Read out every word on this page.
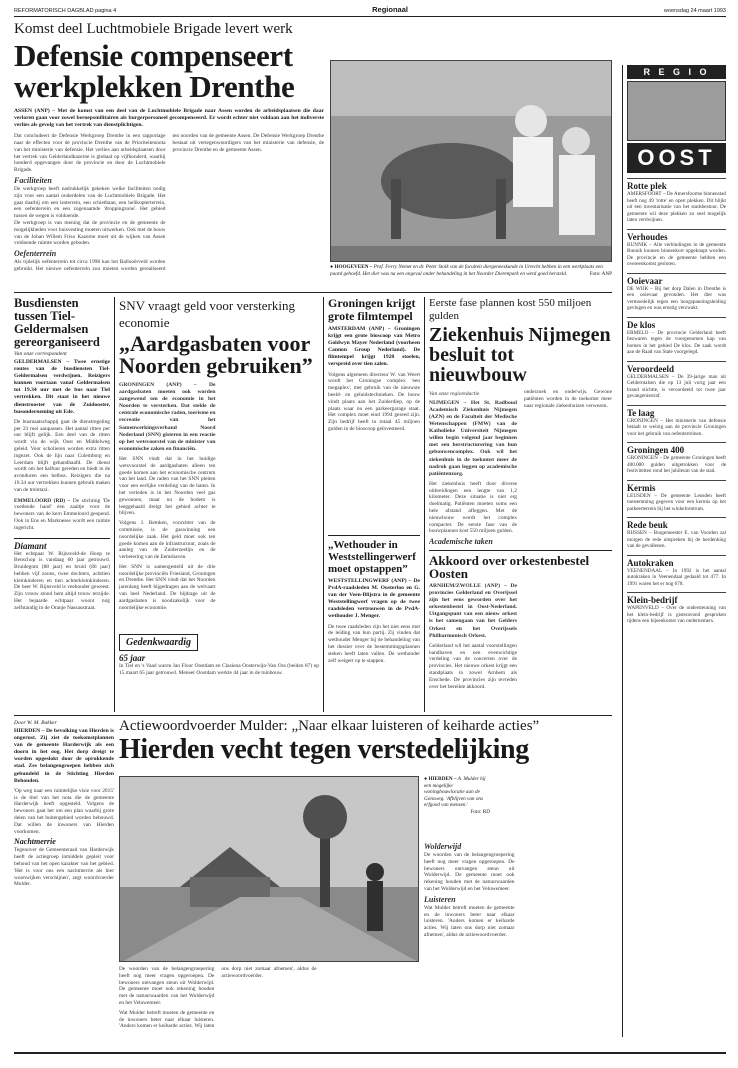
REFORMATORISCH DAGBLAD pagina 4	Regionaal	woensdag 24 maart 1993
Komst deel Luchtmobiele Brigade levert werk
Defensie compenseert werkplekken Drenthe
ASSEN (ANP) – Met de komst van een deel van de Luchtmobiele Brigade naar Assen worden de arbeidsplaatsen die daar verloren gaan voor zowel beroepsmilitairen als burgerpersoneel gecompenseerd. Er wordt echter niet voldaan aan het indiverste verlies als gevolg van het vertrek van dienstplichtigen.

Dat concludeert de Defensie Werkgroep Drenthe in een rapportage naar de effecten voor de provincie Drenthe van de Prioriteitennota van het ministerie van defensie. Het verlies aan arbeidsplaatsen door het vertrek van Gelderlandkazerne is globaal op vijfhonderd, waarbij honderd opgevangen door de provincie en door de Luchtmobiele Brigade.

Faciliteiten

De werkgroep heeft nadrukkelijk gekeken welke faciliteiten nodig zijn voor een aantal onderdelen van de Luchtmobiele Brigade. Het gaat daarbij om een lesterrein, een schietbaan, een helikopterterrein, een oefenterrein en een zogenaamde 'droppingzone'. Het gebied tussen de wegen is voldoende.

De werkgroep is van mening dat de provincie en de gemeente de mogelijkheden voor huisvesting moeten uitwerken. Ook met de bouw van de Johan Willem Friso Kazerne moet uit de wijken van Assen voldoende ruimte worden geboden.

Oefenterrein

Als tijdelijk oefenterrein tot circa 1998 kan het Ballooërveld worden gebruikt. Het nieuwe oefenterrein zou moeten worden gerealiseerd ten noorden van de gemeente Assen. De Defensie Werkgroep Drenthe bestaat uit vertegenwoordigers van het ministerie van defensie, de provincie Drenthe en de gemeente Assen.

● HOOGEVEEN – Prof. Ferry Nemet en dr. Peter Stolk van de faculteit diergeneeskunde in Utrecht hebben in een werkplaats een paard gehoefd. Het dier was na een ongeval onder behandeling in het Noorder Dierenpark en werd goed hersteld.	Foto: ANP
Busdiensten tussen Tiel-Geldermalsen gereorganiseerd
Van onze correspondent
GELDERMALSEN – Twee ernstige routes van de busdiensten Tiel-Geldermalsen verdwijnen. Reizigers kunnen voortaan vanaf Geldermalsen tot 19.34 uur met de bus naar Tiel vertrekken. Dit staat in het nieuwe dienstrooster van de Zuidooster, busonderneming uit Ede.

De busmaatschappij gaat de dienstregeling per 23 mei aanpassen. Het aantal ritten per uur blijft gelijk. Een deel van de ritten wordt via de wijk Oost en Middelweg geleid. Voor scholieren worden extra ritten ingezet. Ook de lijn naar Culemborg en Leerdam blijft gehandhaafd. De dienst wordt om het halfuur gereden en biedt in de avonduren een belbus. Reizigers die na 19.34 uur vertrekken kunnen gebruik maken van de treintaxi.

EMMELOORD (RD) – De stichting 'De voedende hand' een zaaltje voor de bewoners van de kern Emmeloord geopend. Ook in Ens en Marknesse wordt een ruimte ingericht.

Diamant

Het echtpaar W. Rijnsveld-de Hoop te Benschop is vandaag 60 jaar getrouwd. Bruidegom (88 jaar) en bruid (86 jaar) hebben vijf zoons, twee dochters, achttien kleinkinderen en tien achterkleinkinderen. De heer W. Rijnsveld is veehouder geweest. Zijn vrouw stond hem altijd trouw terzijde. Het bejaarde echtpaar woont nog zelfstandig in de Oranje Nassaustraat.

SNV vraagt geld voor versterking economie
„Aardgasbaten voor Noorden gebruiken”

GRONINGEN (ANP) – De aardgasbaten moeten ook worden aangewend om de economie in het Noorden te versterken. Dat stelde de centrale economische raden, toerisme en recreatie van het Samenwerkingsverband Noord Nederland (SNN) gisteren in een reactie op het wetsvoorstel van de minister van economische zaken en financiën.

Het SNN vindt dat in het huidige wetsvoorstel de aardgasbaten alleen ten goede komen aan het economische centrum van het land. De raden van het SNN pleiten voor een eerlijke verdeling van de baten. In het verleden is in het Noorden veel gas gewonnen, maar nu de bodem is leeggehaald dreigt het gebied achter te blijven.

Volgens J. Bemken, voorzitter van de commissie, is de gaswinning een noordelijke zaak. Het geld moet ook ten goede komen aan de infrastructuur, zoals de aanleg van de Zuiderzeelijn en de verbetering van de Eemshaven.

Het SNN is samengesteld uit de drie noordelijke provinciën Friesland, Groningen en Drenthe. Het SNN vindt dat het Noorden jarenlang heeft bijgedragen aan de welvaart van heel Nederland. De bijdrage uit de aardgasbaten is noodzakelijk voor de noordelijke economie.

Gedenkwaardig
65 jaar

In Tiel en 's Vaad waren Jan Floor Oostdam en Clasiena Oosterwijn-Van Oss (beiden 87) op 15 maart 65 jaar getrouwd. Meneer Oostdam werkte 44 jaar in de tuinbouw.

Groningen krijgt grote filmtempel

AMSTERDAM (ANP) – Groningen krijgt een grote bioscoop van Metro Goldwyn Mayer Nederland (voorheen Cannon Group Nederland). De filmtempel krijgt 1920 stoelen, verspreid over tien zalen.

Volgens algemeen directeur W. van Weert wordt het Groningse complex 'een megaplex', met gebruik van de nieuwste beeld- en geluidstechnieken. De bouw vindt plaats aan het Zuiderdiep, op de plaats waar nu een parkeergarage staat. Het complex moet eind 1994 gereed zijn. Zijn bedrijf heeft in totaal 45 miljoen gulden in de bioscoop geïnvesteerd.

„Wethouder in Weststellingerwerf moet opstappen”

WESTSTELLINGWERF (ANP) – De PvdA-raadsleden M. Oosterloo en G. van der Veen-Blijstra in de gemeente Weststellingwerf vragen op de twee raadsleden vertrouwen in de PvdA-wethouder J. Menger.

De twee raadsleden zijn het niet eens met de leiding van hun partij. Zij vinden dat wethouder Menger bij de behandeling van het dossier over de bestemmingsplannen steken heeft laten vallen. De wethouder zelf weigert op te stappen.

Eerste fase plannen kost 550 miljoen gulden
Ziekenhuis Nijmegen besluit tot nieuwbouw
Van onze regioredactie

NIJMEGEN – Het St. Radboud Academisch Ziekenhuis Nijmegen (AZN) en de Faculteit der Medische Wetenschappen (FMW) van de Katholieke Universiteit Nijmegen willen begin volgend jaar beginnen met een herstructurering van hun gebouwencomplex. Ook wil het ziekenhuis in de toekomst meer de nadruk gaan leggen op academische patiëntenzorg.

Het ziekenhuis heeft door diverse uitbreidingen een lengte van 1,2 kilometer. Deze situatie is niet erg doelmatig. Patiënten moeten soms een hele afstand afleggen. Met de nieuwbouw wordt het complex compacter. De eerste fase van de bouwplannen kost 550 miljoen gulden.

Academische taken

onderzoek en onderwijs. Gewone patiënten worden in de toekomst meer naar regionale ziekenhuizen verwezen.

Akkoord over orkestenbestel Oosten

ARNHEM/ZWOLLE (ANP) – De provincies Gelderland en Overijssel zijn het eens geworden over het orkestenbestel in Oost-Nederland. Uitgangspunt van een nieuw orkest is het samengaan van het Gelders Orkest en het Overijssels Philharmonisch Orkest.

Gelderland wil het aantal voorstellingen handhaven en een evenwichtige verdeling van de concerten over de provincies. Het nieuwe orkest krijgt een standplaats in zowel Arnhem als Enschede. De provincies zijn tevreden over het bereikte akkoord.

Actiewoordvoerder Mulder: „Naar elkaar luisteren of keiharde acties”
Hierden vecht tegen verstedelijking
Door W. M. Bakker

HIERDEN – De bevolking van Hierden is ongerust. Zij ziet de toekomstplannen van de gemeente Harderwijk als een doorn in het oog. Het dorp dreigt te worden opgeslokt door de oprukkende stad. Zes belangengroepen hebben zich gebundeld in de Stichting Hierden Behouden.

'Op weg naar een ruimtelijke visie voor 2015' is de titel van het nota die de gemeente Harderwijk heeft opgesteld. Volgens de bewoners gaat het om een plan waarbij grote delen van het buitengebied worden bebouwd. Dat willen de inwoners van Hierden voorkomen.

Nachtmerrie

Tegenover de Gemeenteraad van Harderwijk heeft de actiegroep inmiddels gepleit voor behoud van het open karakter van het gebied. 'Het is voor ons een nachtmerrie als hier woonwijken verschijnen', zegt woordvoerder Mulder.

● HIERDEN – A. Mulder bij een mogelijke woningbouwlocatie aan de Gonsweg. 'Afblijven van ons erfgoed van mensen.'
Foto: RD

De woorden van de belangengroepering heeft nog meer vragen opgeroepen. De bewoners ontvangen steun uit Wolderwijd. De gemeente moet ook rekening houden met de natuurwaarden van het Wolderwijd en het Veluwemeer.

Wat Mulder betreft moeten de gemeente en de inwoners beter naar elkaar luisteren. 'Anders komen er keiharde acties. Wij laten ons dorp niet zomaar afnemen', aldus de actiewoordvoerder.

Wolderwijd

De woorden van de belangengroepering heeft nog meer vragen opgeroepen. De bewoners ontvangen steun uit Wolderwijd. De gemeente moet ook rekening houden met de natuurwaarden van het Wolderwijd en het Veluwemeer.

Luisteren

Wat Mulder betreft moeten de gemeente en de inwoners beter naar elkaar luisteren. 'Anders komen er keiharde acties. Wij laten ons dorp niet zomaar afnemen', aldus de actiewoordvoerder.

R E G I O
OOST
Rotte plek

AMERSFOORT – De Amersfoortse binnenstad heeft nog 49 'rotte' en open plekken. Dit blijkt uit een inventarisatie van het stadsbestuur. De gemeente wil deze plekken zo snel mogelijk laten verdwijnen.

Verhoudes

BUNNIK – Alle verbindingen in de gemeente Bunnik kunnen binnenkort opgeknapt worden. De provincie en de gemeente hebben een overeenkomst gesloten.

Ooievaar

DE WIJK – Bij het dorp Dalen in Drenthe is een ooievaar gevonden. Het dier was vermoedelijk tegen een hoogspanningsleiding gevlogen en was ernstig verzwakt.

De klos

ERMELO – De provincie Gelderland heeft bezwaren tegen de voorgenomen kap van bomen in het gebied De klos. De zaak wordt aan de Raad van State voorgelegd.

Veroordeeld

GELDERMALSEN – De 39-jarige man uit Geldermalsen die op 13 juli vorig jaar een brand stichtte, is veroordeeld tot twee jaar gevangenisstraf.

Te laag

GRONINGEN – Het ministerie van defensie betaalt te weinig aan de provincie Groningen voor het gebruik van oefenterreinen.

Groningen 400

GRONINGEN – De gemeente Groningen heeft 400.000 gulden uitgetrokken voor de festiviteiten rond het jubileum van de stad.

Kermis

LEUSDEN – De gemeente Leusden heeft toestemming gegeven voor een kermis op het parkeerterrein bij het winkelcentrum.

Rede beuk

RIJSSEN – Burgemeester E. van Voorden zal morgen de rede uitspreken bij de herdenking van de gevallenen.

Autokraken

VEENENDAAL – In 1992 is het aantal autokraken in Veenendaal gedaald tot 477. In 1991 waren het er nog 678.

Klein-bedrijf

WAPENVELD – Over de ondersteuning van het klein-bedrijf is gisteravond gesproken tijdens een bijeenkomst van ondernemers.
